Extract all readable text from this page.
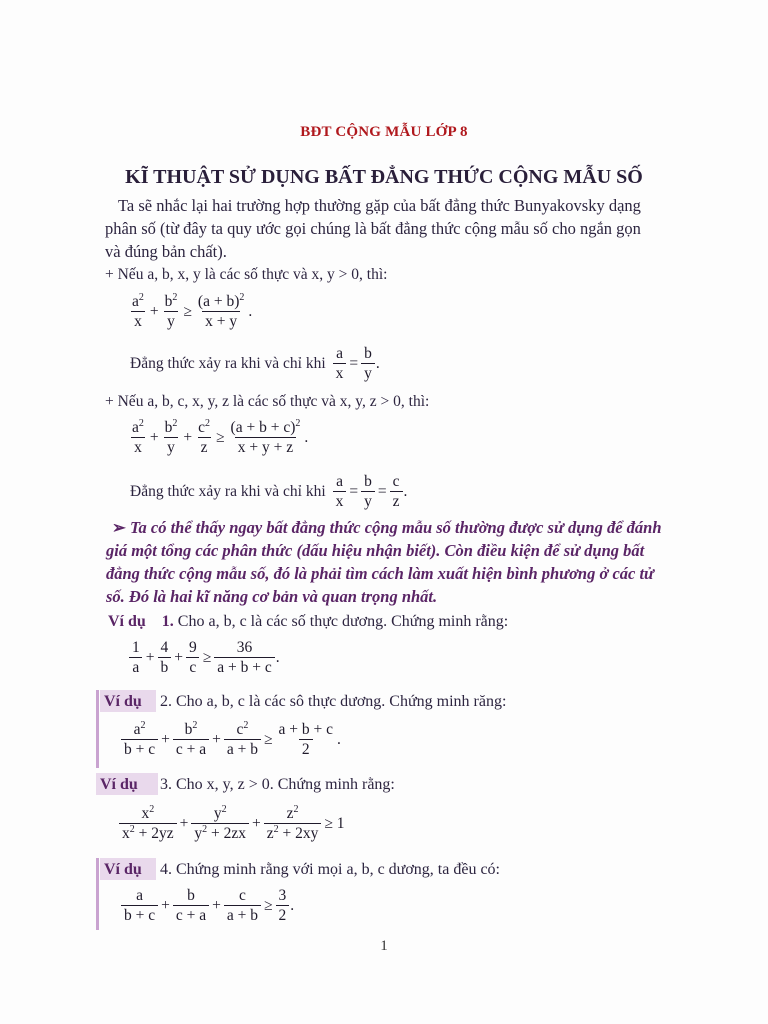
BĐT CỘNG MẪU LỚP 8
KĨ THUẬT SỬ DỤNG BẤT ĐẲNG THỨC CỘNG MẪU SỐ
Ta sẽ nhắc lại hai trường hợp thường gặp của bất đẳng thức Bunyakovsky dạng
phân số (từ đây ta quy ước gọi chúng là bất đẳng thức cộng mẫu số cho ngắn gọn
và đúng bản chất).
+ Nếu a, b, x, y là các số thực và x, y > 0, thì:
$\frac{a^2}{x} + \frac{b^2}{y} \ge \frac{(a + b)^2}{x + y}$ .
Đẳng thức xảy ra khi và chỉ khi $\frac{a}{x} = \frac{b}{y}$ .
+ Nếu a, b, c, x, y, z là các số thực và x, y, z > 0, thì:
$\frac{a^2}{x} + \frac{b^2}{y} + \frac{c^2}{z} \ge \frac{(a + b + c)^2}{x + y + z}$ .
Đẳng thức xảy ra khi và chỉ khi $\frac{a}{x} = \frac{b}{y} = \frac{c}{z}$ .
➢ Ta có thể thấy ngay bất đẳng thức cộng mẫu số thường được sử dụng để đánh
giá một tổng các phân thức (dấu hiệu nhận biết). Còn điều kiện để sử dụng bất
đẳng thức cộng mẫu số, đó là phải tìm cách làm xuất hiện bình phương ở các tử
số. Đó là hai kĩ năng cơ bản và quan trọng nhất.
Ví dụ 1. Cho a, b, c là các số thực dương. Chứng minh rằng:
$\frac{1}{a} + \frac{4}{b} + \frac{9}{c} \ge \frac{36}{a + b + c}$ .
Ví dụ	2. Cho a, b, c là các sô thực dương. Chứng minh răng:
$\frac{a^2}{b + c} + \frac{b^2}{c + a} + \frac{c^2}{a + b} \ge \frac{a + b + c}{2}$ .
Ví dụ	3. Cho x, y, z > 0. Chứng minh rằng:
$\frac{x^2}{x^2 + 2yz} + \frac{y^2}{y^2 + 2zx} + \frac{z^2}{z^2 + 2xy} \ge 1$
Ví dụ	4. Chứng minh rằng với mọi a, b, c dương, ta đều có:
$\frac{a}{b + c} + \frac{b}{c + a} + \frac{c}{a + b} \ge \frac{3}{2}$ .
1
